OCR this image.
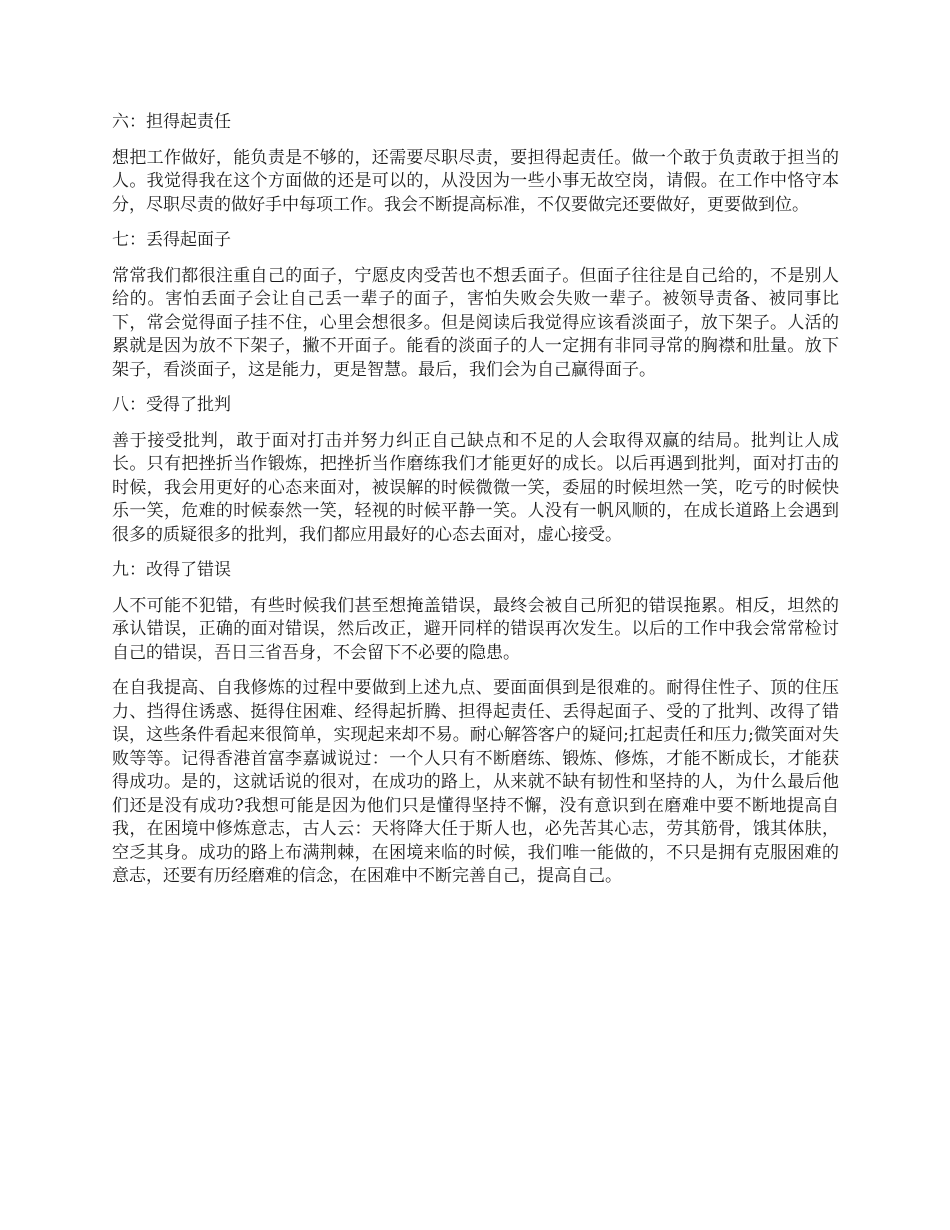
六：担得起责任

想把工作做好，能负责是不够的，还需要尽职尽责，要担得起责任。做一个敢于负责敢于担当的人。我觉得我在这个方面做的还是可以的，从没因为一些小事无故空岗，请假。在工作中恪守本分，尽职尽责的做好手中每项工作。我会不断提高标准，不仅要做完还要做好，更要做到位。

七：丢得起面子

常常我们都很注重自己的面子，宁愿皮肉受苦也不想丢面子。但面子往往是自己给的，不是别人给的。害怕丢面子会让自己丢一辈子的面子，害怕失败会失败一辈子。被领导责备、被同事比下，常会觉得面子挂不住，心里会想很多。但是阅读后我觉得应该看淡面子，放下架子。人活的累就是因为放不下架子，撇不开面子。能看的淡面子的人一定拥有非同寻常的胸襟和肚量。放下架子，看淡面子，这是能力，更是智慧。最后，我们会为自己赢得面子。

八：受得了批判

善于接受批判，敢于面对打击并努力纠正自己缺点和不足的人会取得双赢的结局。批判让人成长。只有把挫折当作锻炼，把挫折当作磨练我们才能更好的成长。以后再遇到批判，面对打击的时候，我会用更好的心态来面对，被误解的时候微微一笑，委屈的时候坦然一笑，吃亏的时候快乐一笑，危难的时候泰然一笑，轻视的时候平静一笑。人没有一帆风顺的，在成长道路上会遇到很多的质疑很多的批判，我们都应用最好的心态去面对，虚心接受。

九：改得了错误

人不可能不犯错，有些时候我们甚至想掩盖错误，最终会被自己所犯的错误拖累。相反，坦然的承认错误，正确的面对错误，然后改正，避开同样的错误再次发生。以后的工作中我会常常检讨自己的错误，吾日三省吾身，不会留下不必要的隐患。

在自我提高、自我修炼的过程中要做到上述九点、要面面俱到是很难的。耐得住性子、顶的住压力、挡得住诱惑、挺得住困难、经得起折腾、担得起责任、丢得起面子、受的了批判、改得了错误，这些条件看起来很简单，实现起来却不易。耐心解答客户的疑问;扛起责任和压力;微笑面对失败等等。记得香港首富李嘉诚说过：一个人只有不断磨练、锻炼、修炼，才能不断成长，才能获得成功。是的，这就话说的很对，在成功的路上，从来就不缺有韧性和坚持的人，为什么最后他们还是没有成功?我想可能是因为他们只是懂得坚持不懈，没有意识到在磨难中要不断地提高自我，在困境中修炼意志，古人云：天将降大任于斯人也，必先苦其心志，劳其筋骨，饿其体肤，空乏其身。成功的路上布满荆棘，在困境来临的时候，我们唯一能做的，不只是拥有克服困难的意志，还要有历经磨难的信念，在困难中不断完善自己，提高自己。
